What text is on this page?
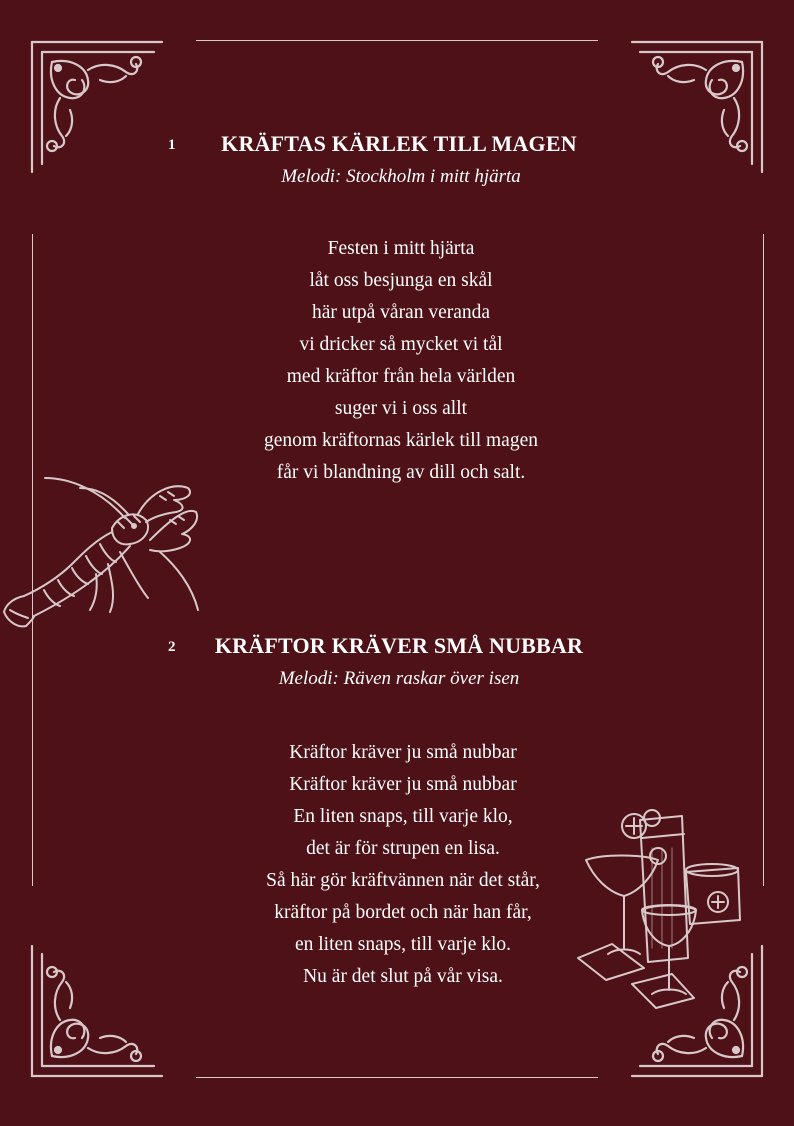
1	KRÄFTAS KÄRLEK TILL MAGEN
Melodi: Stockholm i mitt hjärta
Festen i mitt hjärta
låt oss besjunga en skål
här utpå våran veranda
vi dricker så mycket vi tål
med kräftor från hela världen
suger vi i oss allt
genom kräftornas kärlek till magen
får vi blandning av dill och salt.
2	KRÄFTOR KRÄVER SMÅ NUBBAR
Melodi: Räven raskar över isen
Kräftor kräver ju små nubbar
Kräftor kräver ju små nubbar
En liten snaps, till varje klo,
det är för strupen en lisa.
Så här gör kräftvännen när det står,
kräftor på bordet och när han får,
en liten snaps, till varje klo.
Nu är det slut på vår visa.
